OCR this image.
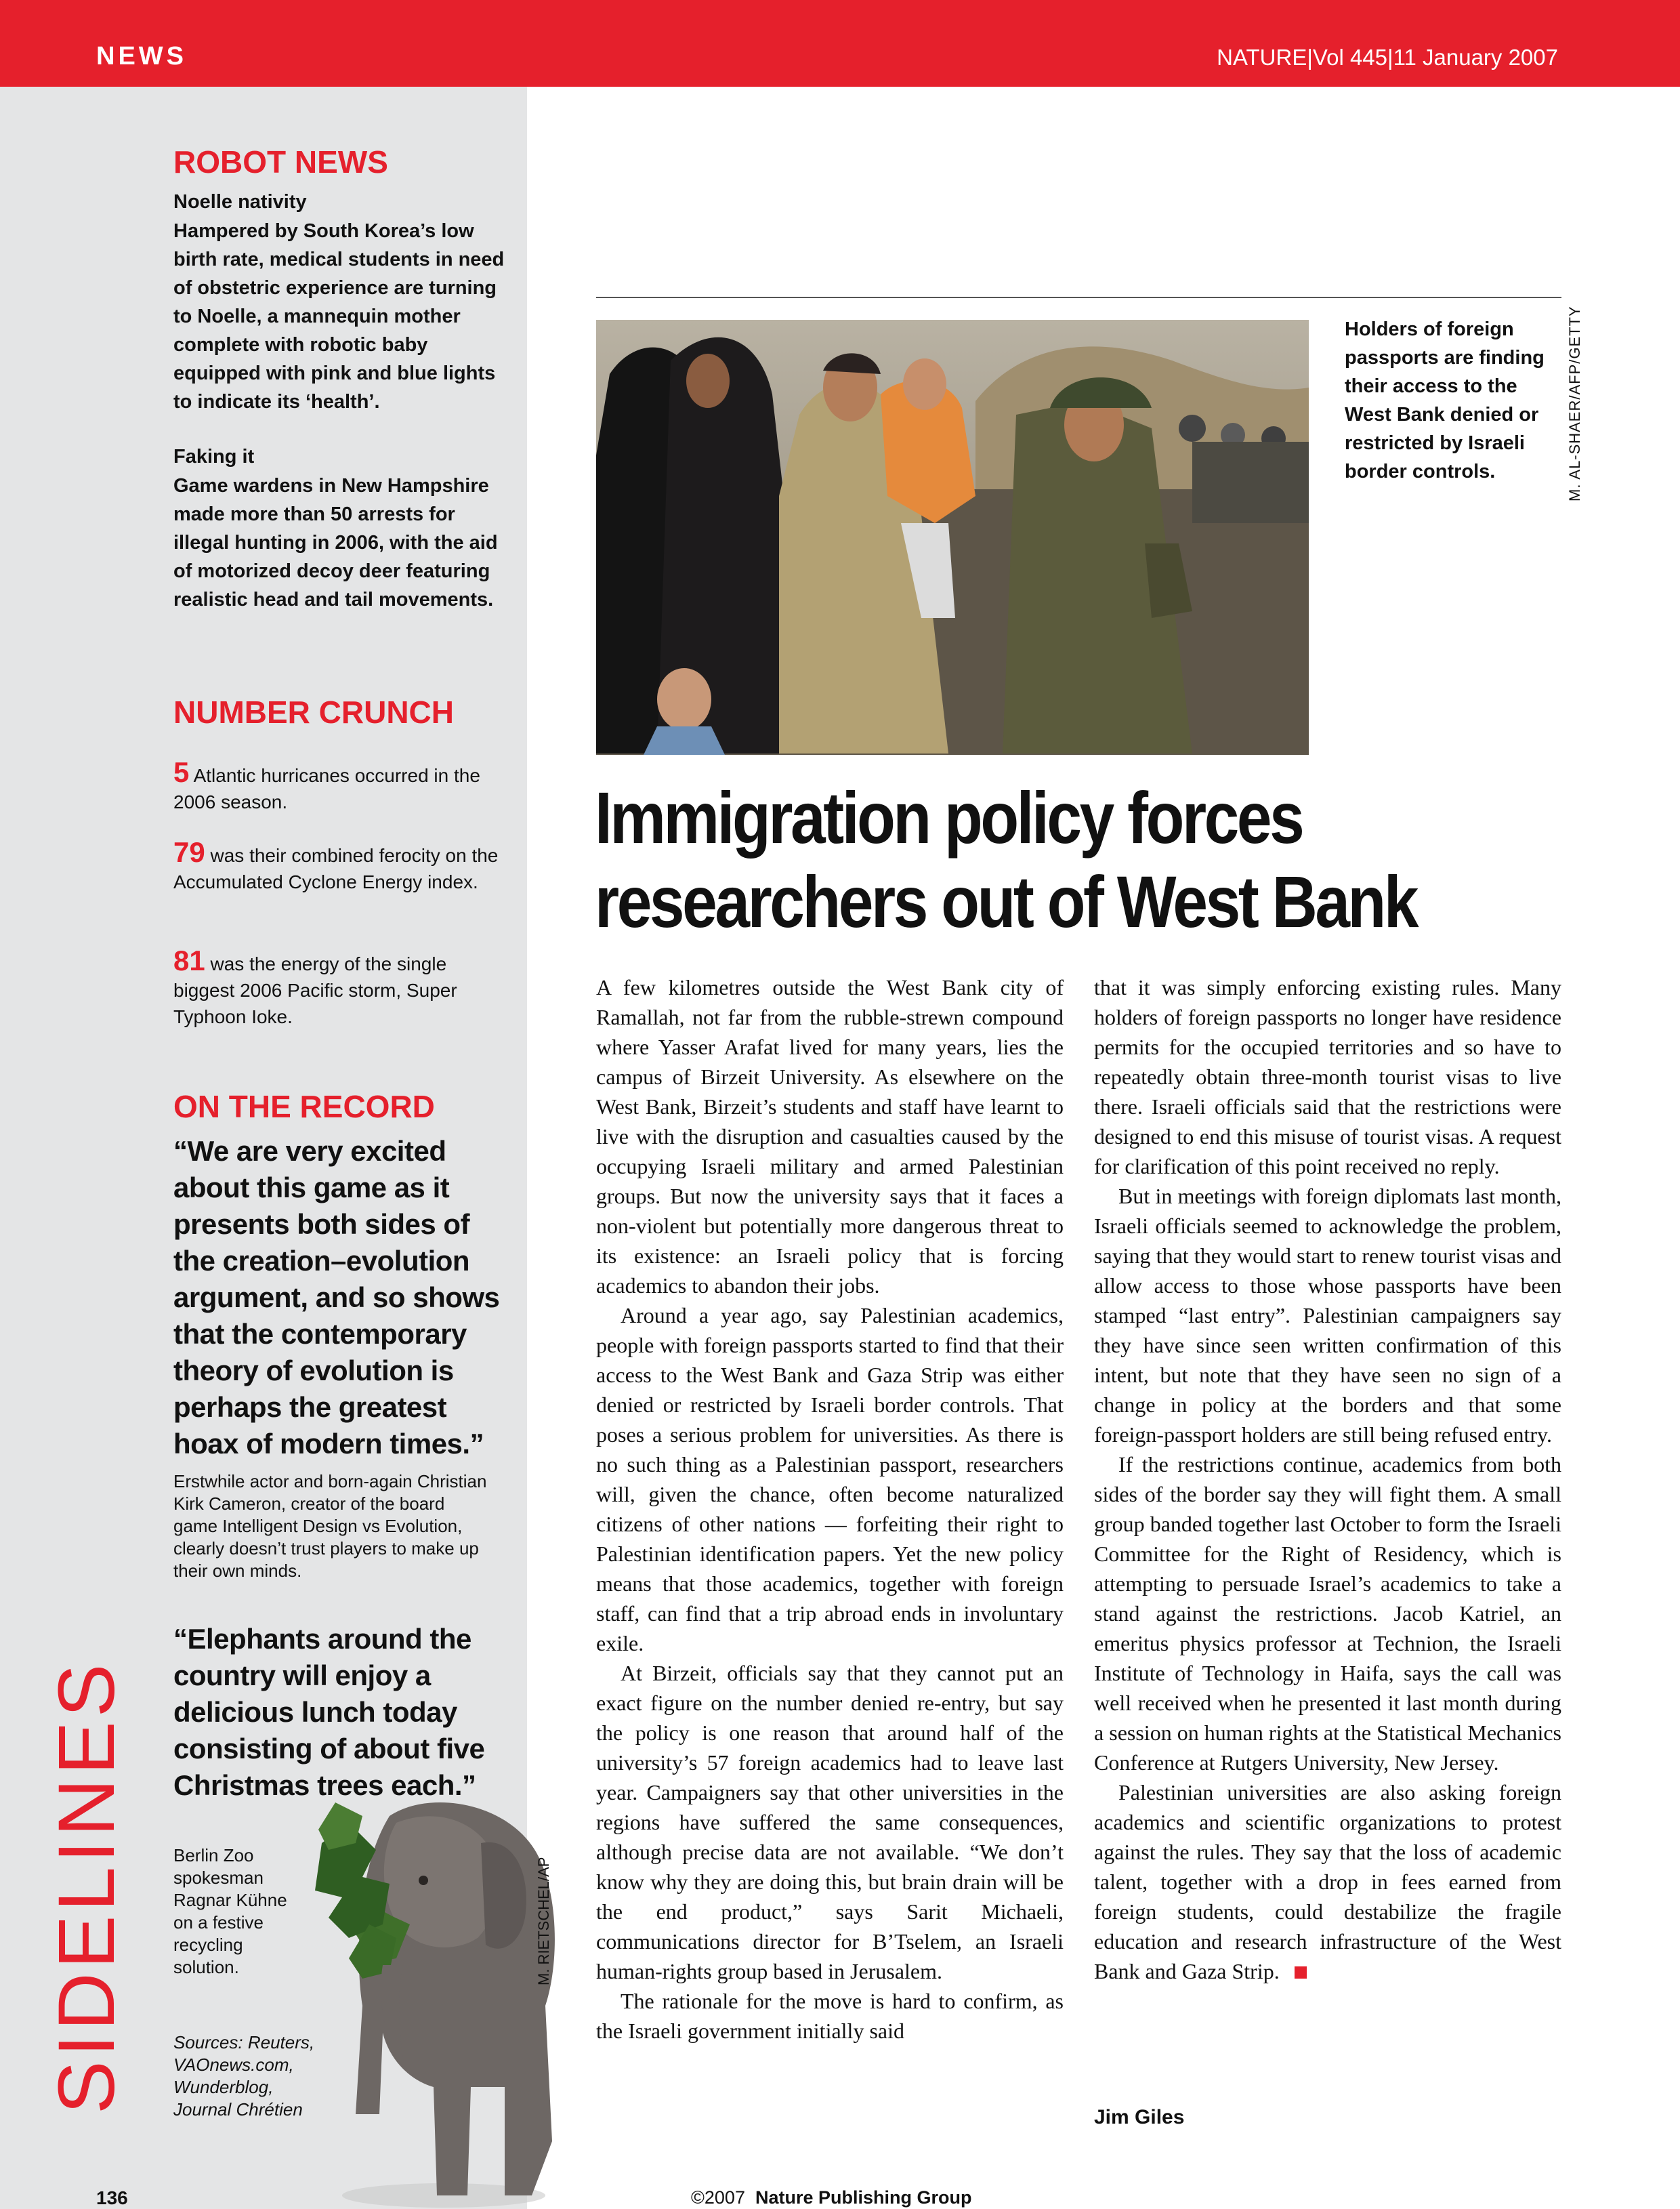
NEWS	NATURE|Vol 445|11 January 2007
ROBOT NEWS
Noelle nativity
Hampered by South Korea’s low birth rate, medical students in need of obstetric experience are turning to Noelle, a mannequin mother complete with robotic baby equipped with pink and blue lights to indicate its ‘health’.
Faking it
Game wardens in New Hampshire made more than 50 arrests for illegal hunting in 2006, with the aid of motorized decoy deer featuring realistic head and tail movements.
NUMBER CRUNCH
5 Atlantic hurricanes occurred in the 2006 season.
79 was their combined ferocity on the Accumulated Cyclone Energy index.
81 was the energy of the single biggest 2006 Pacific storm, Super Typhoon Ioke.
ON THE RECORD
“We are very excited about this game as it presents both sides of the creation–evolution argument, and so shows that the contemporary theory of evolution is perhaps the greatest hoax of modern times.”
Erstwhile actor and born-again Christian Kirk Cameron, creator of the board game Intelligent Design vs Evolution, clearly doesn’t trust players to make up their own minds.
“Elephants around the country will enjoy a delicious lunch today consisting of about five Christmas trees each.”
Berlin Zoo spokesman Ragnar Kühne on a festive recycling solution.
Sources: Reuters, VAOnews.com, Wunderblog, Journal Chrétien
M. RIETSCHEL/AP
SIDELINES
136
Holders of foreign passports are finding their access to the West Bank denied or restricted by Israeli border controls.	M. AL-SHAER/AFP/GETTY
Immigration policy forces
researchers out of West Bank

A few kilometres outside the West Bank city of Ramallah, not far from the rubble-strewn compound where Yasser Arafat lived for many years, lies the campus of Birzeit University. As elsewhere on the West Bank, Birzeit’s students and staff have learnt to live with the disruption and casualties caused by the occupying Israeli military and armed Palestinian groups. But now the university says that it faces a non-violent but potentially more dangerous threat to its existence: an Israeli policy that is forcing academics to abandon their jobs.

Around a year ago, say Palestinian academics, people with foreign passports started to find that their access to the West Bank and Gaza Strip was either denied or restricted by Israeli border controls. That poses a serious problem for universities. As there is no such thing as a Palestinian passport, researchers will, given the chance, often become naturalized citizens of other nations — forfeiting their right to Palestinian identification papers. Yet the new policy means that those academics, together with foreign staff, can find that a trip abroad ends in involuntary exile.

At Birzeit, officials say that they cannot put an exact figure on the number denied re-entry, but say the policy is one reason that around half of the university’s 57 foreign academics had to leave last year. Campaigners say that other universities in the regions have suffered the same consequences, although precise data are not available. “We don’t know why they are doing this, but brain drain will be the end product,” says Sarit Michaeli, communications director for B’Tselem, an Israeli human-rights group based in Jerusalem.

The rationale for the move is hard to confirm, as the Israeli government initially said

that it was simply enforcing existing rules. Many holders of foreign passports no longer have residence permits for the occupied territories and so have to repeatedly obtain three-month tourist visas to live there. Israeli officials said that the restrictions were designed to end this misuse of tourist visas. A request for clarification of this point received no reply.

But in meetings with foreign diplomats last month, Israeli officials seemed to acknowledge the problem, saying that they would start to renew tourist visas and allow access to those whose passports have been stamped “last entry”. Palestinian campaigners say they have since seen written confirmation of this intent, but note that they have seen no sign of a change in policy at the borders and that some foreign-passport holders are still being refused entry.

If the restrictions continue, academics from both sides of the border say they will fight them. A small group banded together last October to form the Israeli Committee for the Right of Residency, which is attempting to persuade Israel’s academics to take a stand against the restrictions. Jacob Katriel, an emeritus physics professor at Technion, the Israeli Institute of Technology in Haifa, says the call was well received when he presented it last month during a session on human rights at the Statistical Mechanics Conference at Rutgers University, New Jersey.

Palestinian universities are also asking foreign academics and scientific organizations to protest against the rules. They say that the loss of academic talent, together with a drop in fees earned from foreign students, could destabilize the fragile education and research infrastructure of the West Bank and Gaza Strip.

Jim Giles
©2007 Nature Publishing Group
